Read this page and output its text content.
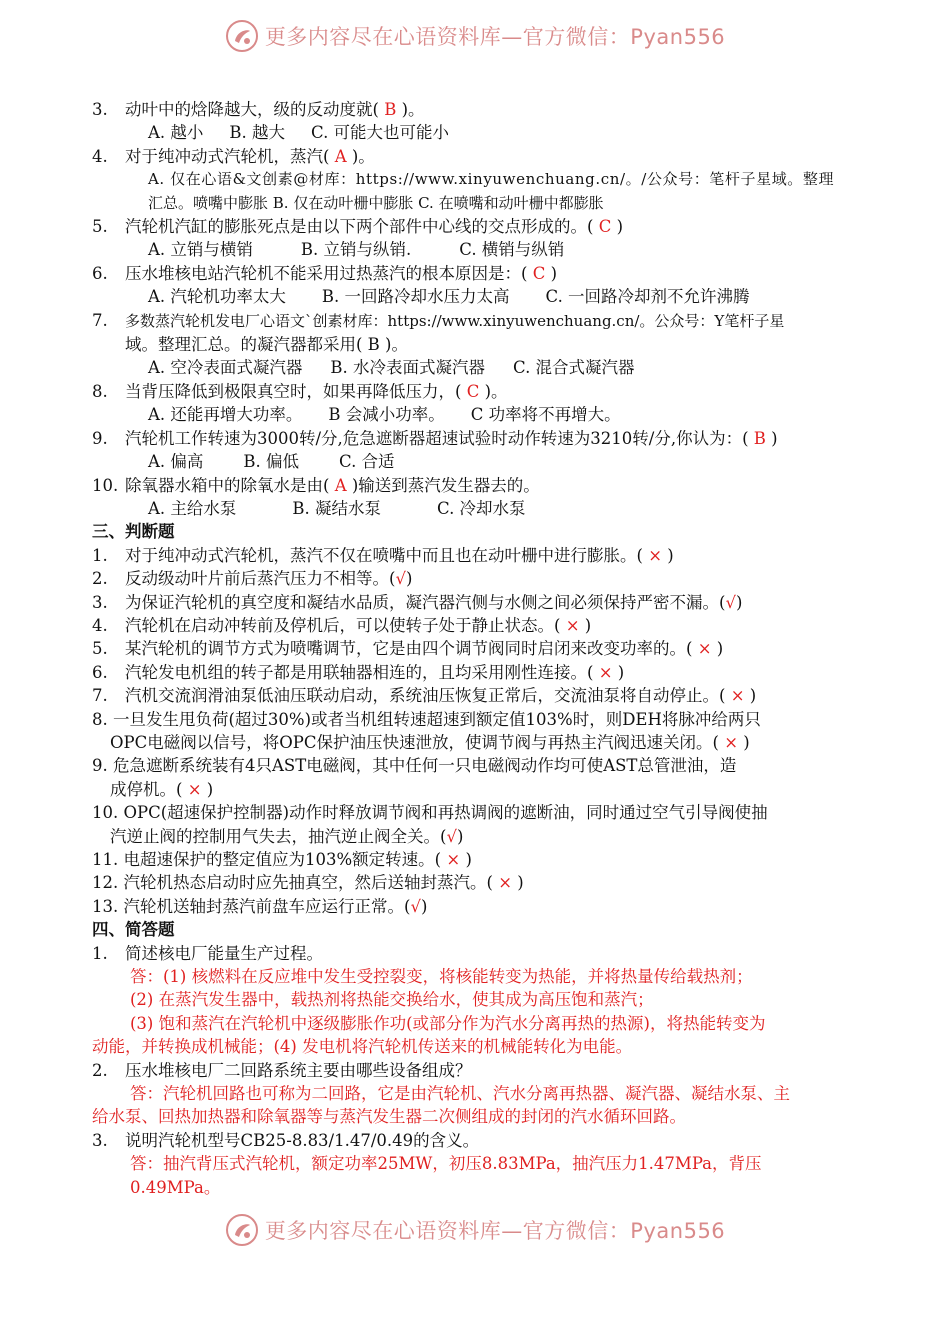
更多内容尽在心语资料库—官方微信：Pyan556
3. 动叶中的焓降越大，级的反动度就( B )。
A. 越小 B. 越大 C. 可能大也可能小
4. 对于纯冲动式汽轮机，蒸汽( A )。
A. 仅在心语&文创素@材库：https://www.xinyuwenchuang.cn/。/公众号：笔杆子星域。整理
汇总。喷嘴中膨胀 B. 仅在动叶栅中膨胀 C. 在喷嘴和动叶栅中都膨胀
5. 汽轮机汽缸的膨胀死点是由以下两个部件中心线的交点形成的。( C )
A. 立销与横销	B. 立销与纵销.	C. 横销与纵销
6. 压水堆核电站汽轮机不能采用过热蒸汽的根本原因是：( C )
A. 汽轮机功率太大 B. 一回路冷却水压力太高 C. 一回路冷却剂不允许沸腾
7. 多数蒸汽轮机发电厂心语文`创素材库：https://www.xinyuwenchuang.cn/。公众号：Y笔杆子星
域。整理汇总。的凝汽器都采用( B )。
A. 空冷表面式凝汽器 B. 水冷表面式凝汽器 C. 混合式凝汽器
8. 当背压降低到极限真空时，如果再降低压力，( C )。
A. 还能再增大功率。 B 会减小功率。 C 功率将不再增大。
9. 汽轮机工作转速为3000转/分,危急遮断器超速试验时动作转速为3210转/分,你认为：( B )
A. 偏高 B. 偏低 C. 合适
10. 除氧器水箱中的除氧水是由( A )输送到蒸汽发生器去的。
A. 主给水泵	B. 凝结水泵	C. 冷却水泵
三、判断题
1. 对于纯冲动式汽轮机，蒸汽不仅在喷嘴中而且也在动叶栅中进行膨胀。( × )
2. 反动级动叶片前后蒸汽压力不相等。(√)
3. 为保证汽轮机的真空度和凝结水品质，凝汽器汽侧与水侧之间必须保持严密不漏。(√)
4. 汽轮机在启动冲转前及停机后，可以使转子处于静止状态。( × )
5. 某汽轮机的调节方式为喷嘴调节，它是由四个调节阀同时启闭来改变功率的。( × )
6. 汽轮发电机组的转子都是用联轴器相连的，且均采用刚性连接。( × )
7. 汽机交流润滑油泵低油压联动启动，系统油压恢复正常后，交流油泵将自动停止。( × )
8. 一旦发生甩负荷(超过30%)或者当机组转速超速到额定值103%时，则DEH将脉冲给两只
OPC电磁阀以信号，将OPC保护油压快速泄放，使调节阀与再热主汽阀迅速关闭。( × )
9. 危急遮断系统装有4只AST电磁阀，其中任何一只电磁阀动作均可使AST总管泄油，造
成停机。( × )
10. OPC(超速保护控制器)动作时释放调节阀和再热调阀的遮断油，同时通过空气引导阀使抽
汽逆止阀的控制用气失去，抽汽逆止阀全关。(√)
11. 电超速保护的整定值应为103%额定转速。( × )
12. 汽轮机热态启动时应先抽真空，然后送轴封蒸汽。( × )
13. 汽轮机送轴封蒸汽前盘车应运行正常。(√)
四、简答题
1. 简述核电厂能量生产过程。
答：(1) 核燃料在反应堆中发生受控裂变，将核能转变为热能，并将热量传给载热剂；
(2) 在蒸汽发生器中，载热剂将热能交换给水，使其成为高压饱和蒸汽；
(3) 饱和蒸汽在汽轮机中逐级膨胀作功(或部分作为汽水分离再热的热源)，将热能转变为
动能，并转换成机械能；(4) 发电机将汽轮机传送来的机械能转化为电能。
2. 压水堆核电厂二回路系统主要由哪些设备组成？
答：汽轮机回路也可称为二回路，它是由汽轮机、汽水分离再热器、凝汽器、凝结水泵、主
给水泵、回热加热器和除氧器等与蒸汽发生器二次侧组成的封闭的汽水循环回路。
3. 说明汽轮机型号CB25-8.83/1.47/0.49的含义。
答：抽汽背压式汽轮机，额定功率25MW，初压8.83MPa，抽汽压力1.47MPa，背压
0.49MPa。
更多内容尽在心语资料库—官方微信：Pyan556
